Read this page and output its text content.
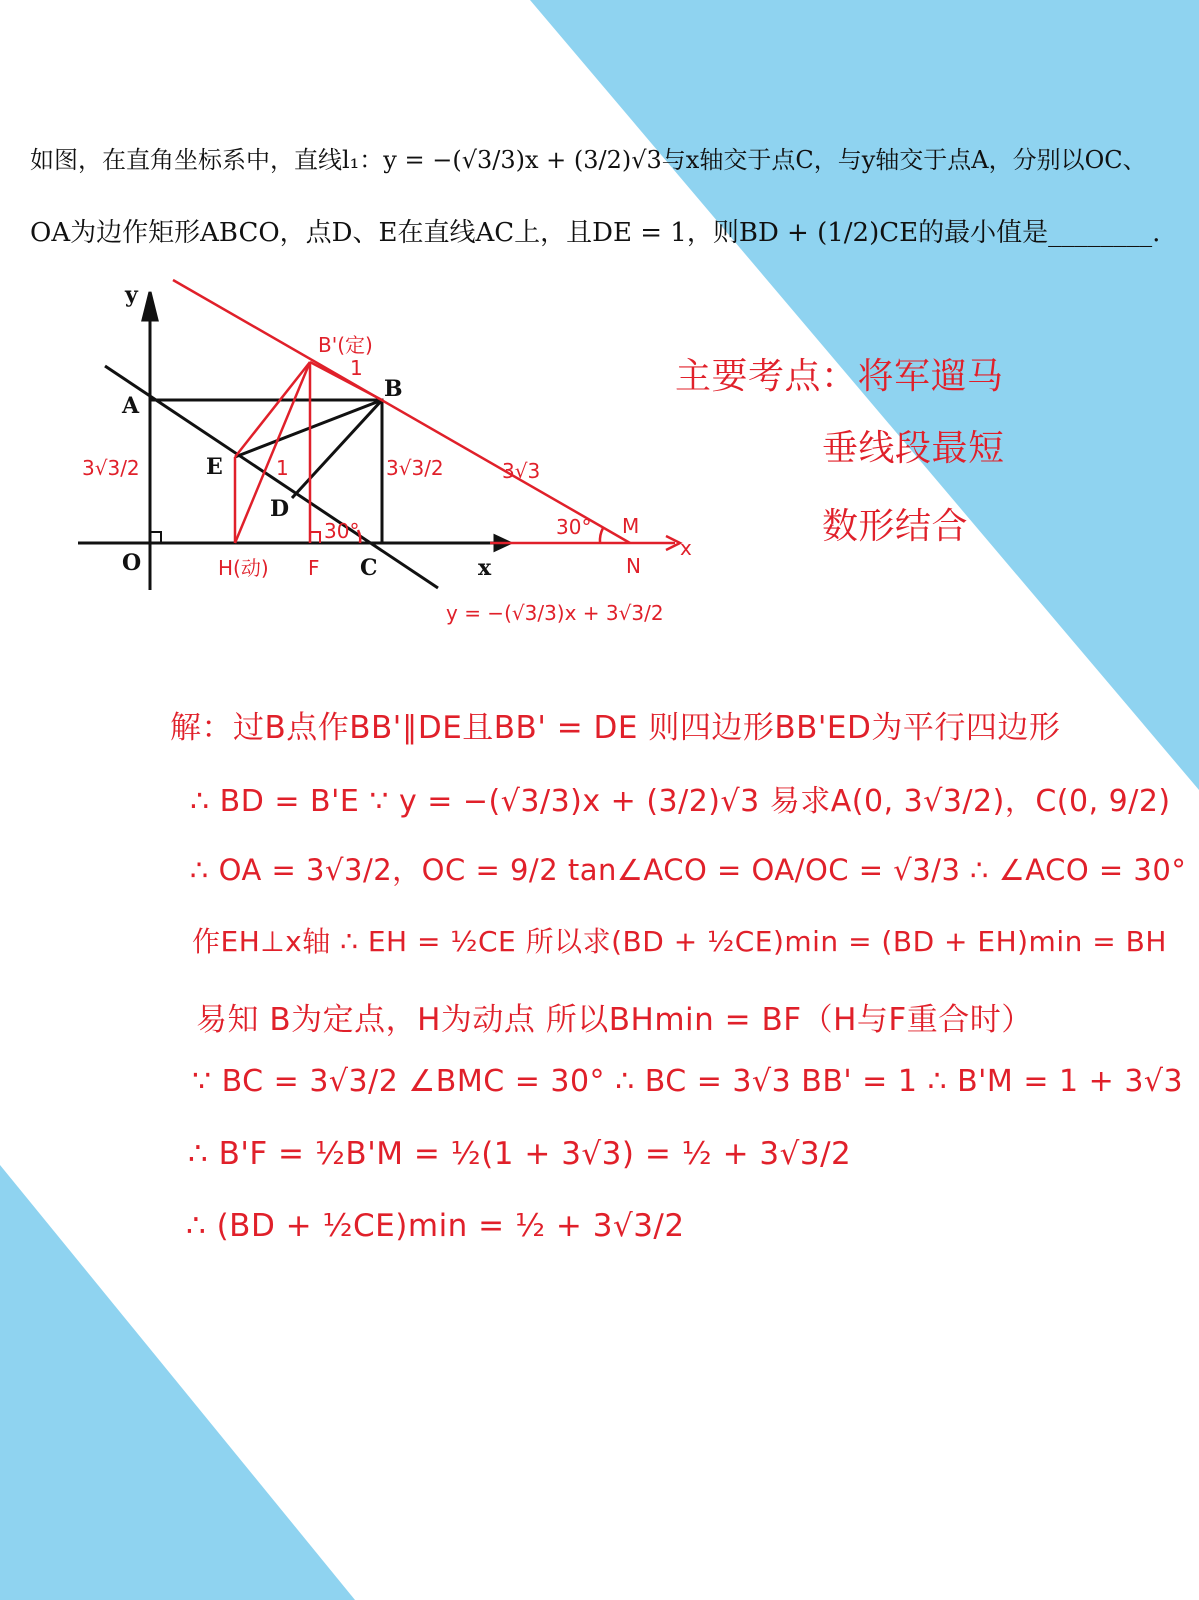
如图，在直角坐标系中，直线l₁：y = −(√3/3)x + (3/2)√3与x轴交于点C，与y轴交于点A，分别以OC、
OA为边作矩形ABCO，点D、E在直线AC上，且DE = 1，则BD + (1/2)CE的最小值是________.
y
x
A
B
O	C
D
E
B'(定)
1
1
3√3/2	3√3/2	3√3
30°	30°
H(动) F
M
N
x
y = −(√3/3)x + 3√3/2
主要考点：将军遛马
垂线段最短
数形结合
解：过B点作BB'∥DE且BB' = DE 则四边形BB'ED为平行四边形
∴ BD = B'E ∵ y = −(√3/3)x + (3/2)√3 易求A(0, 3√3/2)，C(0, 9/2)
∴ OA = 3√3/2，OC = 9/2 tan∠ACO = OA/OC = √3/3 ∴ ∠ACO = 30°
作EH⊥x轴 ∴ EH = ½CE 所以求(BD + ½CE)min = (BD + EH)min = BH
易知 B为定点，H为动点 所以BHmin = BF（H与F重合时）
∵ BC = 3√3/2 ∠BMC = 30° ∴ BC = 3√3 BB' = 1 ∴ B'M = 1 + 3√3
∴ B'F = ½B'M = ½(1 + 3√3) = ½ + 3√3/2
∴ (BD + ½CE)min = ½ + 3√3/2
